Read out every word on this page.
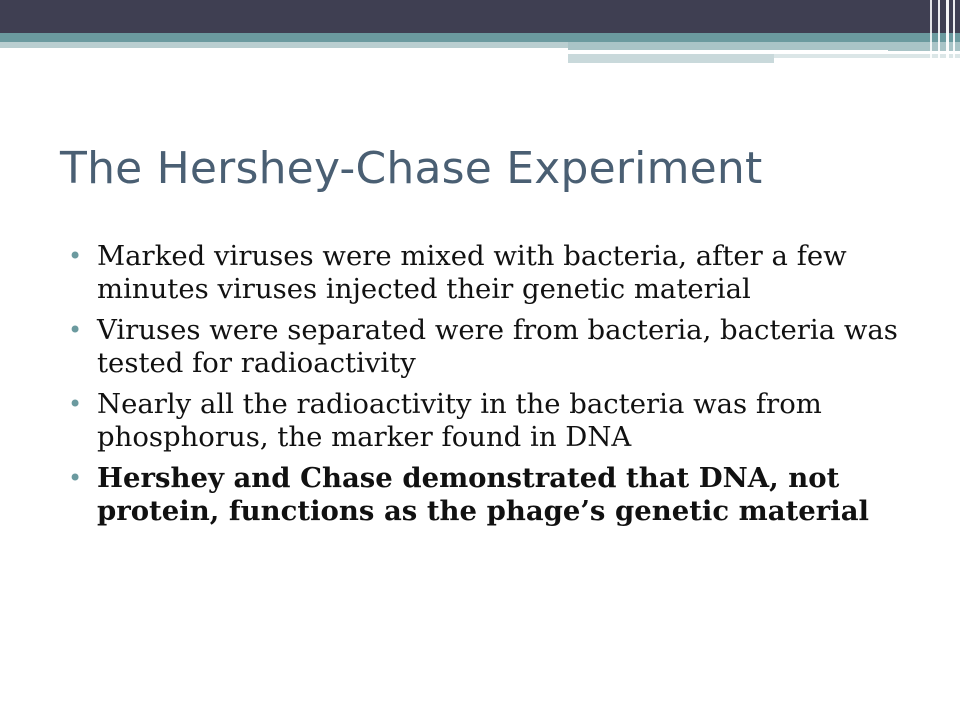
The Hershey-Chase Experiment
• Marked viruses were mixed with bacteria, after a few minutes viruses injected their genetic material
• Viruses were separated were from bacteria, bacteria was tested for radioactivity
• Nearly all the radioactivity in the bacteria was from phosphorus, the marker found in DNA
• Hershey and Chase demonstrated that DNA, not protein, functions as the phage’s genetic material
